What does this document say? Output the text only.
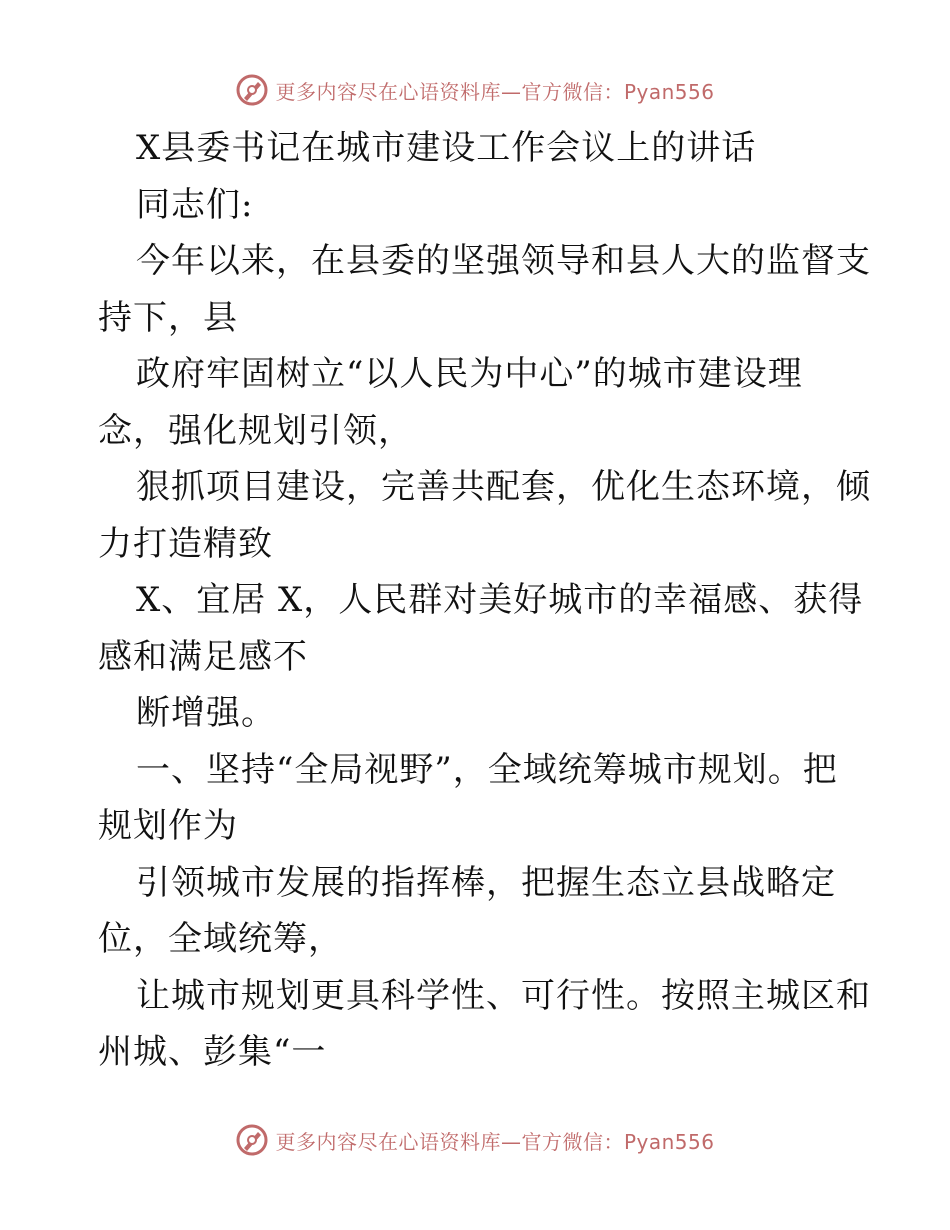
更多内容尽在心语资料库—官方微信：Pyan556
X县委书记在城市建设工作会议上的讲话
同志们:
今年以来，在县委的坚强领导和县人大的监督支
持下，县
政府牢固树立“以人民为中心”的城市建设理
念，强化规划引领，
狠抓项目建设，完善共配套，优化生态环境，倾
力打造精致
X、宜居 X，人民群对美好城市的幸福感、获得
感和满足感不
断增强。
一、坚持“全局视野”，全域统筹城市规划。把
规划作为
引领城市发展的指挥棒，把握生态立县战略定
位，全域统筹，
让城市规划更具科学性、可行性。按照主城区和
州城、彭集“一
更多内容尽在心语资料库—官方微信：Pyan556
